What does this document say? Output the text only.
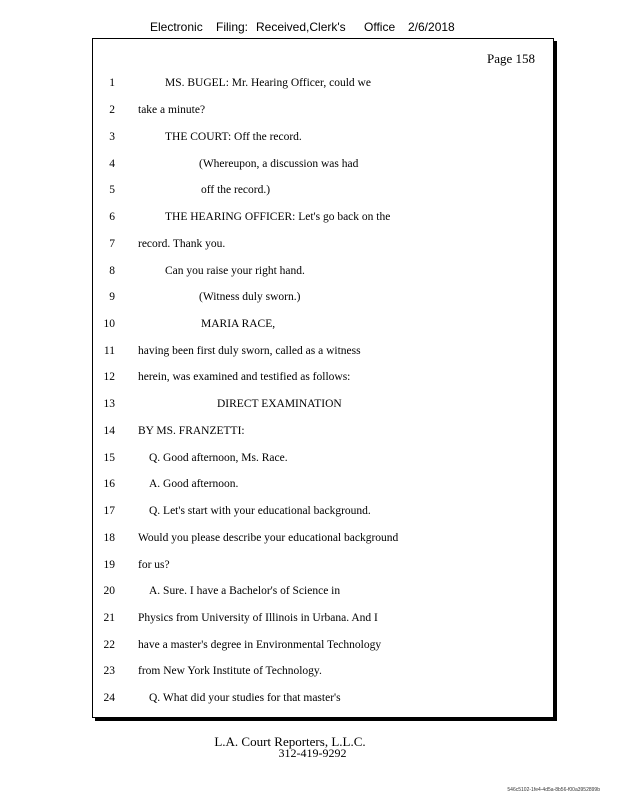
Electronic Filing: Received,Clerk's Office 2/6/2018
Page 158
1	MS. BUGEL: Mr. Hearing Officer, could we
2 take a minute?
3	THE COURT: Off the record.
4	(Whereupon, a discussion was had
5	off the record.)
6	THE HEARING OFFICER: Let's go back on the
7 record. Thank you.
8	Can you raise your right hand.
9	(Witness duly sworn.)
10	MARIA RACE,
11 having been first duly sworn, called as a witness
12 herein, was examined and testified as follows:
13	DIRECT EXAMINATION
14 BY MS. FRANZETTI:
15	Q. Good afternoon, Ms. Race.
16	A. Good afternoon.
17	Q. Let's start with your educational background.
18 Would you please describe your educational background
19 for us?
20	A. Sure. I have a Bachelor's of Science in
21 Physics from University of Illinois in Urbana. And I
22 have a master's degree in Environmental Technology
23 from New York Institute of Technology.
24	Q. What did your studies for that master's
L.A. Court Reporters, L.L.C.
312-419-9292
546c5102-1fe4-4d5a-8b56-f00a3952899b
